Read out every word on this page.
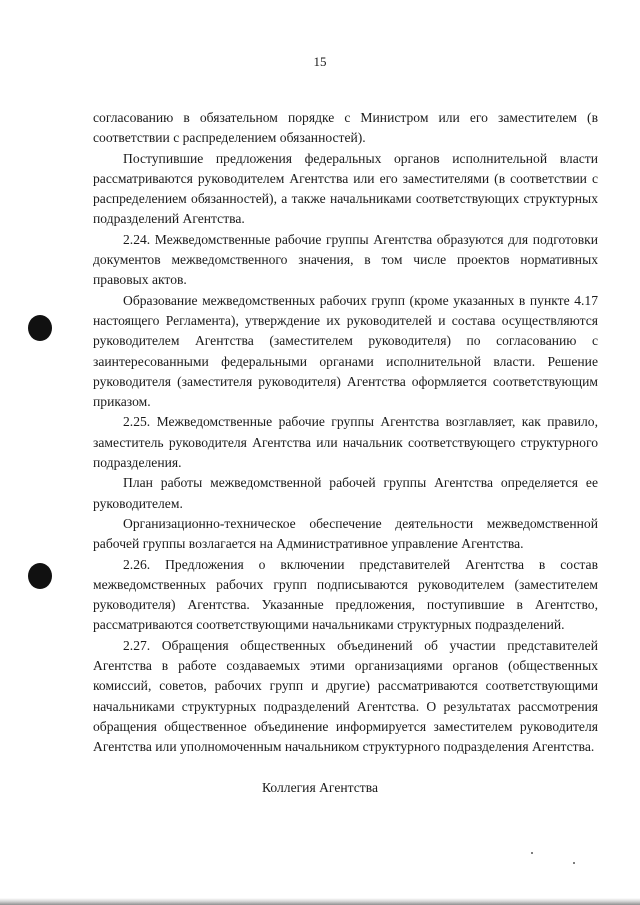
15

согласованию в обязательном порядке с Министром или его заместителем (в соответствии с распределением обязанностей).

Поступившие предложения федеральных органов исполнительной власти рассматриваются руководителем Агентства или его заместителями (в соответствии с распределением обязанностей), а также начальниками соответствующих структурных подразделений Агентства.

2.24. Межведомственные рабочие группы Агентства образуются для подготовки документов межведомственного значения, в том числе проектов нормативных правовых актов.

Образование межведомственных рабочих групп (кроме указанных в пункте 4.17 настоящего Регламента), утверждение их руководителей и состава осуществляются руководителем Агентства (заместителем руководителя) по согласованию с заинтересованными федеральными органами исполнительной власти. Решение руководителя (заместителя руководителя) Агентства оформляется соответствующим приказом.

2.25. Межведомственные рабочие группы Агентства возглавляет, как правило, заместитель руководителя Агентства или начальник соответствующего структурного подразделения.

План работы межведомственной рабочей группы Агентства определяется ее руководителем.

Организационно-техническое обеспечение деятельности межведомственной рабочей группы возлагается на Административное управление Агентства.

2.26. Предложения о включении представителей Агентства в состав межведомственных рабочих групп подписываются руководителем (заместителем руководителя) Агентства. Указанные предложения, поступившие в Агентство, рассматриваются соответствующими начальниками структурных подразделений.

2.27. Обращения общественных объединений об участии представителей Агентства в работе создаваемых этими организациями органов (общественных комиссий, советов, рабочих групп и другие) рассматриваются соответствующими начальниками структурных подразделений Агентства. О результатах рассмотрения обращения общественное объединение информируется заместителем руководителя Агентства или уполномоченным начальником структурного подразделения Агентства.

Коллегия Агентства
